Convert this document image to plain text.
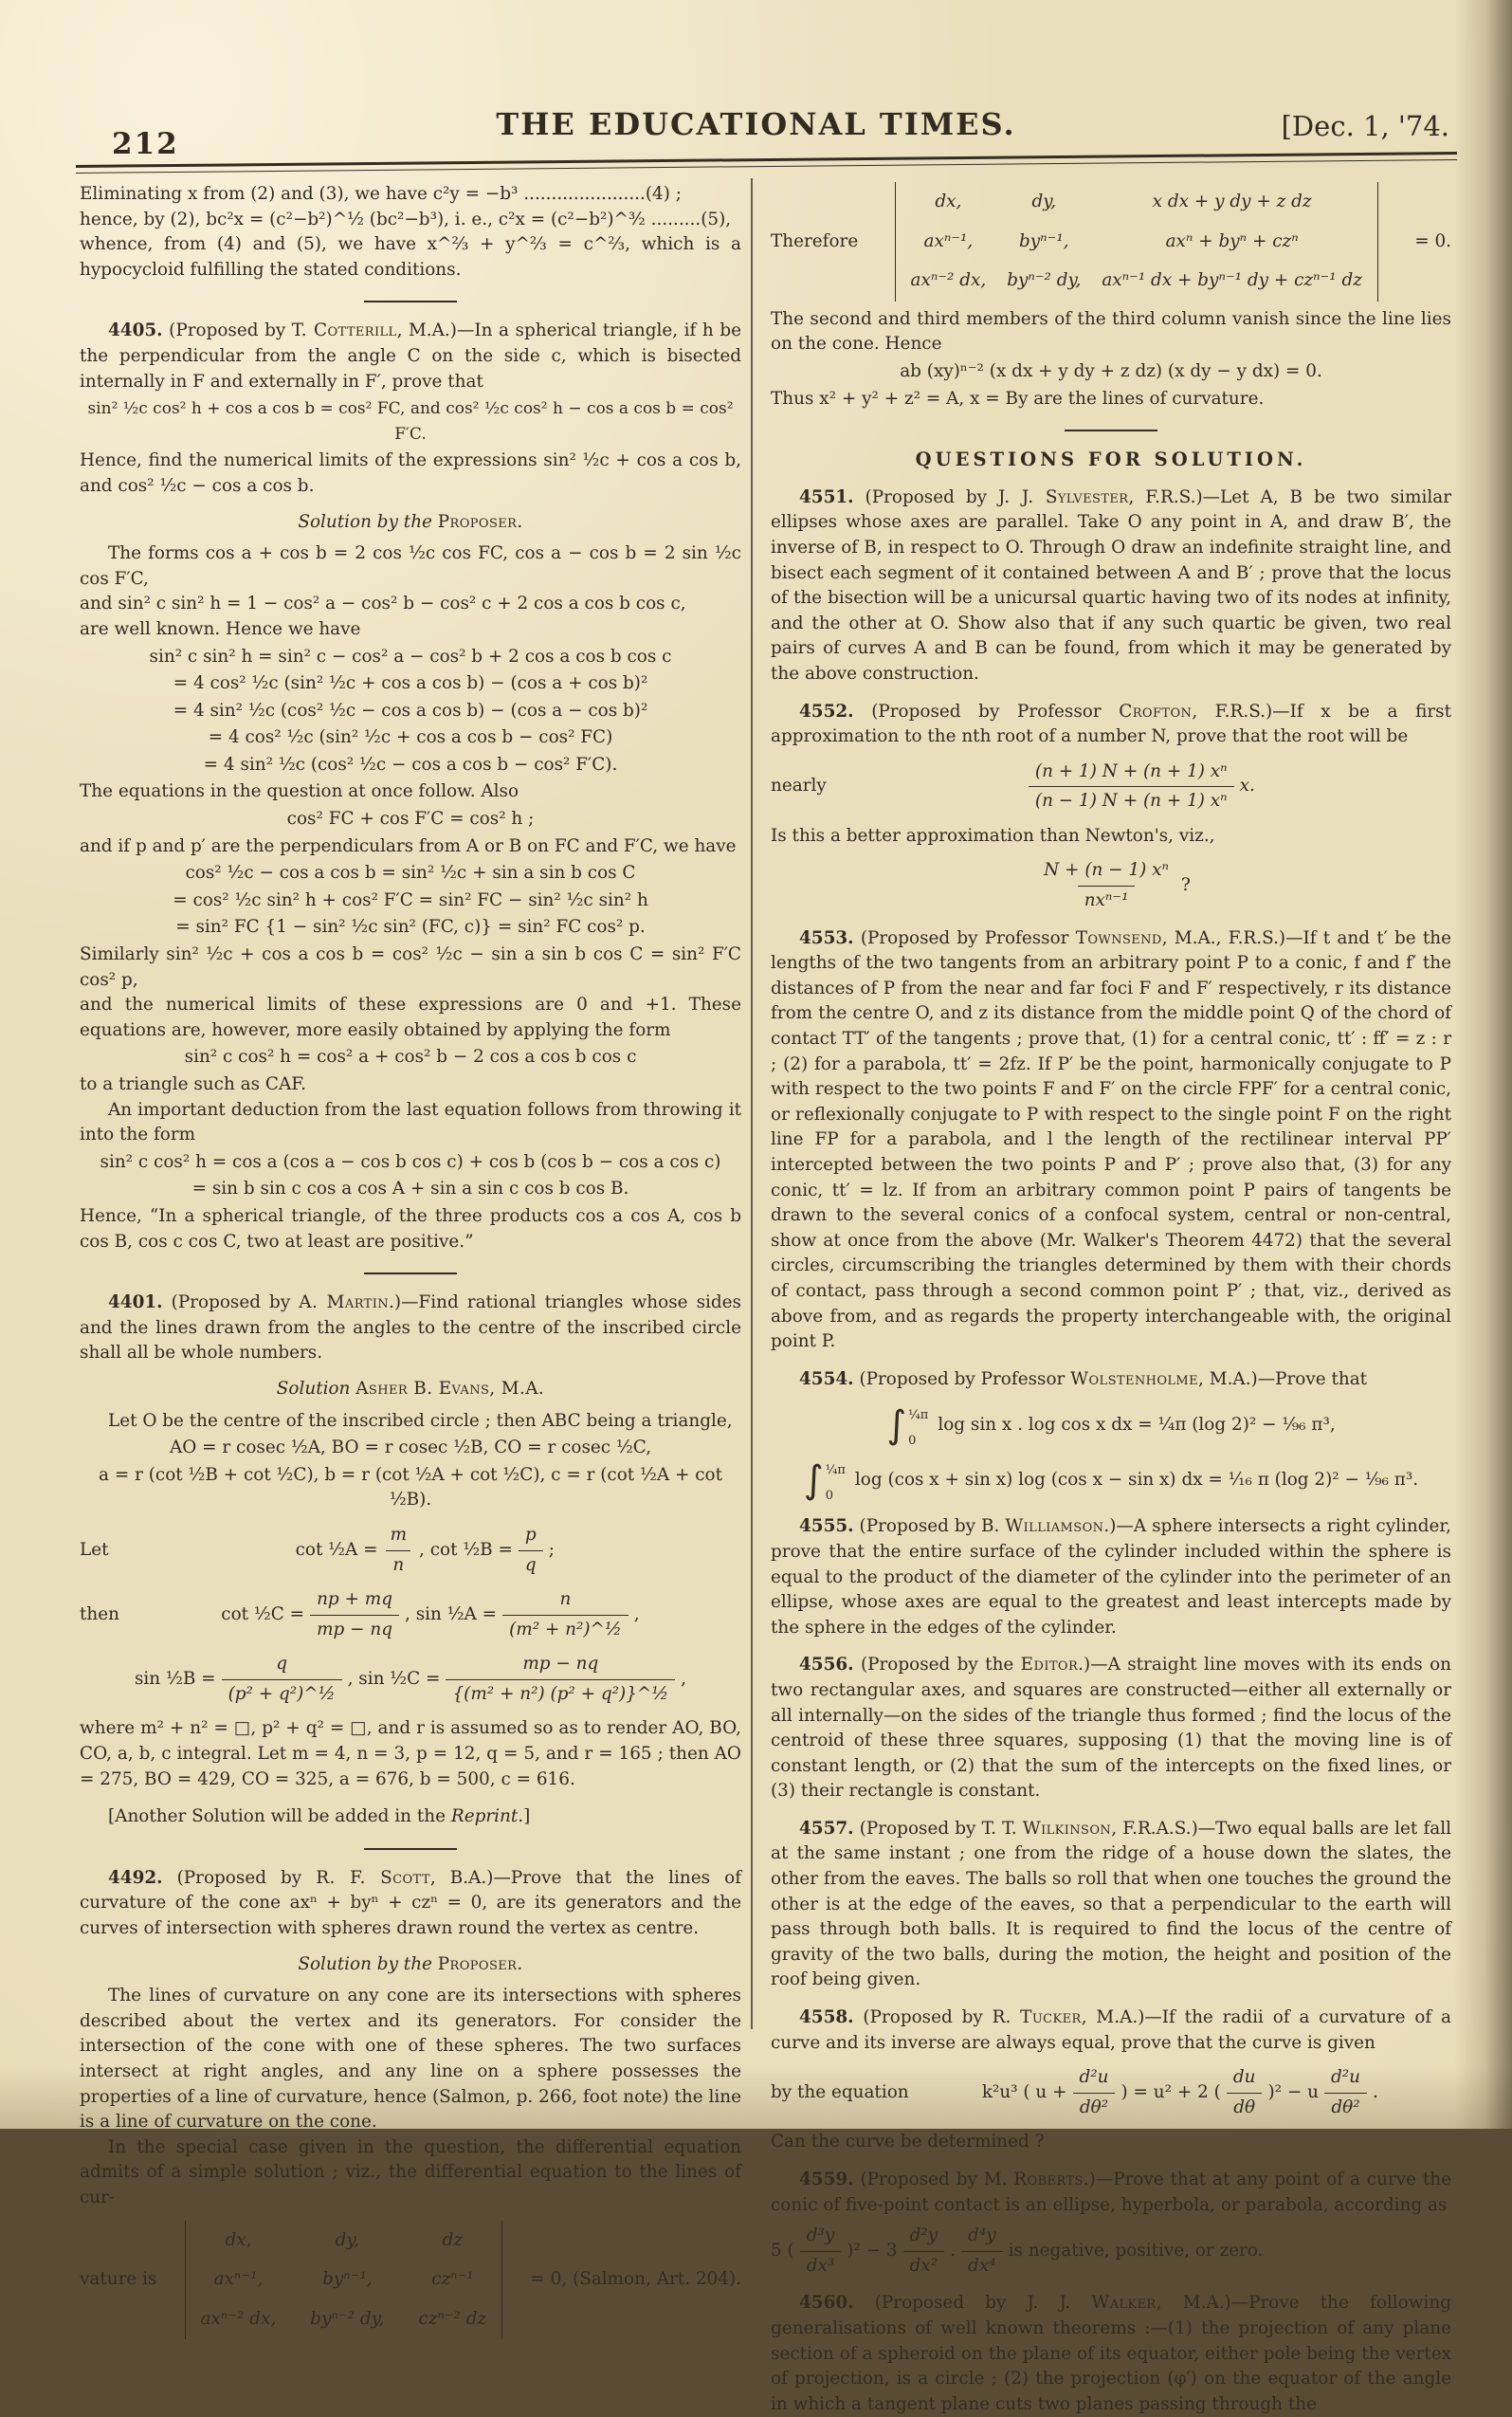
212
THE EDUCATIONAL TIMES.	[Dec. 1, '74.

Eliminating x from (2) and (3), we have c²y = −b³ ......................(4) ;

hence, by (2), bc²x = (c²−b²)^½ (bc²−b³), i. e., c²x = (c²−b²)^³⁄₂ .........(5),

whence, from (4) and (5), we have x^⅔ + y^⅔ = c^⅔, which is a hypocycloid fulfilling the stated conditions.

4405. (Proposed by T. Cotterill, M.A.)—In a spherical triangle, if h be the perpendicular from the angle C on the side c, which is bisected internally in F and externally in F′, prove that

sin² ½c cos² h + cos a cos b = cos² FC, and cos² ½c cos² h − cos a cos b = cos² F′C.

Hence, find the numerical limits of the expressions sin² ½c + cos a cos b, and cos² ½c − cos a cos b.

Solution by the Proposer.

The forms cos a + cos b = 2 cos ½c cos FC, cos a − cos b = 2 sin ½c cos F′C,

and sin² c sin² h = 1 − cos² a − cos² b − cos² c + 2 cos a cos b cos c,

are well known. Hence we have

sin² c sin² h = sin² c − cos² a − cos² b + 2 cos a cos b cos c

= 4 cos² ½c (sin² ½c + cos a cos b) − (cos a + cos b)²

= 4 sin² ½c (cos² ½c − cos a cos b) − (cos a − cos b)²

= 4 cos² ½c (sin² ½c + cos a cos b − cos² FC)

= 4 sin² ½c (cos² ½c − cos a cos b − cos² F′C).

The equations in the question at once follow. Also

cos² FC + cos F′C = cos² h ;

and if p and p′ are the perpendiculars from A or B on FC and F′C, we have

cos² ½c − cos a cos b = sin² ½c + sin a sin b cos C

= cos² ½c sin² h + cos² F′C = sin² FC − sin² ½c sin² h

= sin² FC {1 − sin² ½c sin² (FC, c)} = sin² FC cos² p.

Similarly sin² ½c + cos a cos b = cos² ½c − sin a sin b cos C = sin² F′C cos² p,

and the numerical limits of these expressions are 0 and +1. These equations are, however, more easily obtained by applying the form

sin² c cos² h = cos² a + cos² b − 2 cos a cos b cos c

to a triangle such as CAF.

An important deduction from the last equation follows from throwing it into the form

sin² c cos² h = cos a (cos a − cos b cos c) + cos b (cos b − cos a cos c)

= sin b sin c cos a cos A + sin a sin c cos b cos B.

Hence, “In a spherical triangle, of the three products cos a cos A, cos b cos B, cos c cos C, two at least are positive.”

4401. (Proposed by A. Martin.)—Find rational triangles whose sides and the lines drawn from the angles to the centre of the inscribed circle shall all be whole numbers.

Solution Asher B. Evans, M.A.

Let O be the centre of the inscribed circle ; then ABC being a triangle,

AO = r cosec ½A, BO = r cosec ½B, CO = r cosec ½C,

a = r (cot ½B + cot ½C), b = r (cot ½A + cot ½C), c = r (cot ½A + cot ½B).

Let	cot ½A = $\frac{m}{n}$ , cot ½B = $\frac{p}{q}$ ;
then	cot ½C = $\frac{np + mq}{mp - nq}$ , sin ½A = $\frac{n}{\text{(m² + n²)\textasciicircum{}½}}$ ,
sin ½B = $\frac{q}{\text{(p² + q²)\textasciicircum{}½}}$ , sin ½C = $\frac{mp - nq}{\text{\{(m² + n²) (p² + q²)\}\textasciicircum{}½}}$ ,

where m² + n² = □, p² + q² = □, and r is assumed so as to render AO, BO, CO, a, b, c integral. Let m = 4, n = 3, p = 12, q = 5, and r = 165 ; then AO = 275, BO = 429, CO = 325, a = 676, b = 500, c = 616.

[Another Solution will be added in the Reprint.]

4492. (Proposed by R. F. Scott, B.A.)—Prove that the lines of curvature of the cone axⁿ + byⁿ + czⁿ = 0, are its generators and the curves of intersection with spheres drawn round the vertex as centre.

Solution by the Proposer.

The lines of curvature on any cone are its intersections with spheres described about the vertex and its generators. For consider the intersection of the cone with one of these spheres. The two surfaces intersect at right angles, and any line on a sphere possesses the properties of a line of curvature, hence (Salmon, p. 266, foot note) the line is a line of curvature on the cone.

In the special case given in the question, the differential equation admits of a simple solution ; viz., the differential equation to the lines of cur-

vature is
dx,	dy,	dz
axⁿ⁻¹,	byⁿ⁻¹,	czⁿ⁻¹
axⁿ⁻² dx, byⁿ⁻² dy, czⁿ⁻² dz
= 0, (Salmon, Art. 204).
Therefore
dx,	dy,	x dx + y dy + z dz
axⁿ⁻¹,	byⁿ⁻¹,	axⁿ + byⁿ + czⁿ
axⁿ⁻² dx, byⁿ⁻² dy, axⁿ⁻¹ dx + byⁿ⁻¹ dy + czⁿ⁻¹ dz
= 0.

The second and third members of the third column vanish since the line lies on the cone. Hence

ab (xy)ⁿ⁻² (x dx + y dy + z dz) (x dy − y dx) = 0.

Thus x² + y² + z² = A, x = By are the lines of curvature.

QUESTIONS FOR SOLUTION.

4551. (Proposed by J. J. Sylvester, F.R.S.)—Let A, B be two similar ellipses whose axes are parallel. Take O any point in A, and draw B′, the inverse of B, in respect to O. Through O draw an indefinite straight line, and bisect each segment of it contained between A and B′ ; prove that the locus of the bisection will be a unicursal quartic having two of its nodes at infinity, and the other at O. Show also that if any such quartic be given, two real pairs of curves A and B can be found, from which it may be generated by the above construction.

4552. (Proposed by Professor Crofton, F.R.S.)—If x be a first approximation to the nth root of a number N, prove that the root will be

nearly	$\frac{\text{(n + 1) N + (n + 1) xⁿ}}{\text{(n − 1) N + (n + 1) xⁿ}} x$.

Is this a better approximation than Newton's, viz.,

$\frac{\text{N + (n − 1) xⁿ}}{\text{nxⁿ⁻¹}}$ ?

4553. (Proposed by Professor Townsend, M.A., F.R.S.)—If t and t′ be the lengths of the two tangents from an arbitrary point P to a conic, f and f′ the distances of P from the near and far foci F and F′ respectively, r its distance from the centre O, and z its distance from the middle point Q of the chord of contact TT′ of the tangents ; prove that, (1) for a central conic, tt′ : ff′ = z : r ; (2) for a parabola, tt′ = 2fz. If P′ be the point, harmonically conjugate to P with respect to the two points F and F′ on the circle FPF′ for a central conic, or reflexionally conjugate to P with respect to the single point F on the right line FP for a parabola, and l the length of the rectilinear interval PP′ intercepted between the two points P and P′ ; prove also that, (3) for any conic, tt′ = lz. If from an arbitrary common point P pairs of tangents be drawn to the several conics of a confocal system, central or non-central, show at once from the above (Mr. Walker's Theorem 4472) that the several circles, circumscribing the triangles determined by them with their chords of contact, pass through a second common point P′ ; that, viz., derived as above from, and as regards the property interchangeable with, the original point P.

4554. (Proposed by Professor Wolstenholme, M.A.)—Prove that

∫ ¼π
0
log sin x . log cos x dx = ¼π (log 2)² − ¹⁄₉₆ π³,
∫ ¼π
0
log (cos x + sin x) log (cos x − sin x) dx = ¹⁄₁₆ π (log 2)² − ¹⁄₉₆ π³.

4555. (Proposed by B. Williamson.)—A sphere intersects a right cylinder, prove that the entire surface of the cylinder included within the sphere is equal to the product of the diameter of the cylinder into the perimeter of an ellipse, whose axes are equal to the greatest and least intercepts made by the sphere in the edges of the cylinder.

4556. (Proposed by the Editor.)—A straight line moves with its ends on two rectangular axes, and squares are constructed—either all externally or all internally—on the sides of the triangle thus formed ; find the locus of the centroid of these three squares, supposing (1) that the moving line is of constant length, or (2) that the sum of the intercepts on the fixed lines, or (3) their rectangle is constant.

4557. (Proposed by T. T. Wilkinson, F.R.A.S.)—Two equal balls are let fall at the same instant ; one from the ridge of a house down the slates, the other from the eaves. The balls so roll that when one touches the ground the other is at the edge of the eaves, so that a perpendicular to the earth will pass through both balls. It is required to find the locus of the centre of gravity of the two balls, during the motion, the height and position of the roof being given.

4558. (Proposed by R. Tucker, M.A.)—If the radii of a curvature of a curve and its inverse are always equal, prove that the curve is given

by the equation	k²u³ ( $u + \frac{\text{d²u}}{\text{dθ²}}$ ) = u² + 2 ( $\frac{du}{d\theta} )^2 - u \frac{\text{d²u}}{\text{dθ²}}$ .

Can the curve be determined ?

4559. (Proposed by M. Roberts.)—Prove that at any point of a curve the conic of five-point contact is an ellipse, hyperbola, or parabola, according as

5 ( $\frac{\text{d³y}}{\text{dx³}} )^2 - 3 \frac{\text{d²y}}{\text{dx²}}$ . $\frac{\text{d⁴y}}{\text{dx⁴}}$ is negative, positive, or zero.

4560. (Proposed by J. J. Walker, M.A.)—Prove the following generalisations of well known theorems :—(1) the projection of any plane section of a spheroid on the plane of its equator, either pole being the vertex of projection, is a circle ; (2) the projection (φ′) on the equator of the angle in which a tangent plane cuts two planes passing through the
